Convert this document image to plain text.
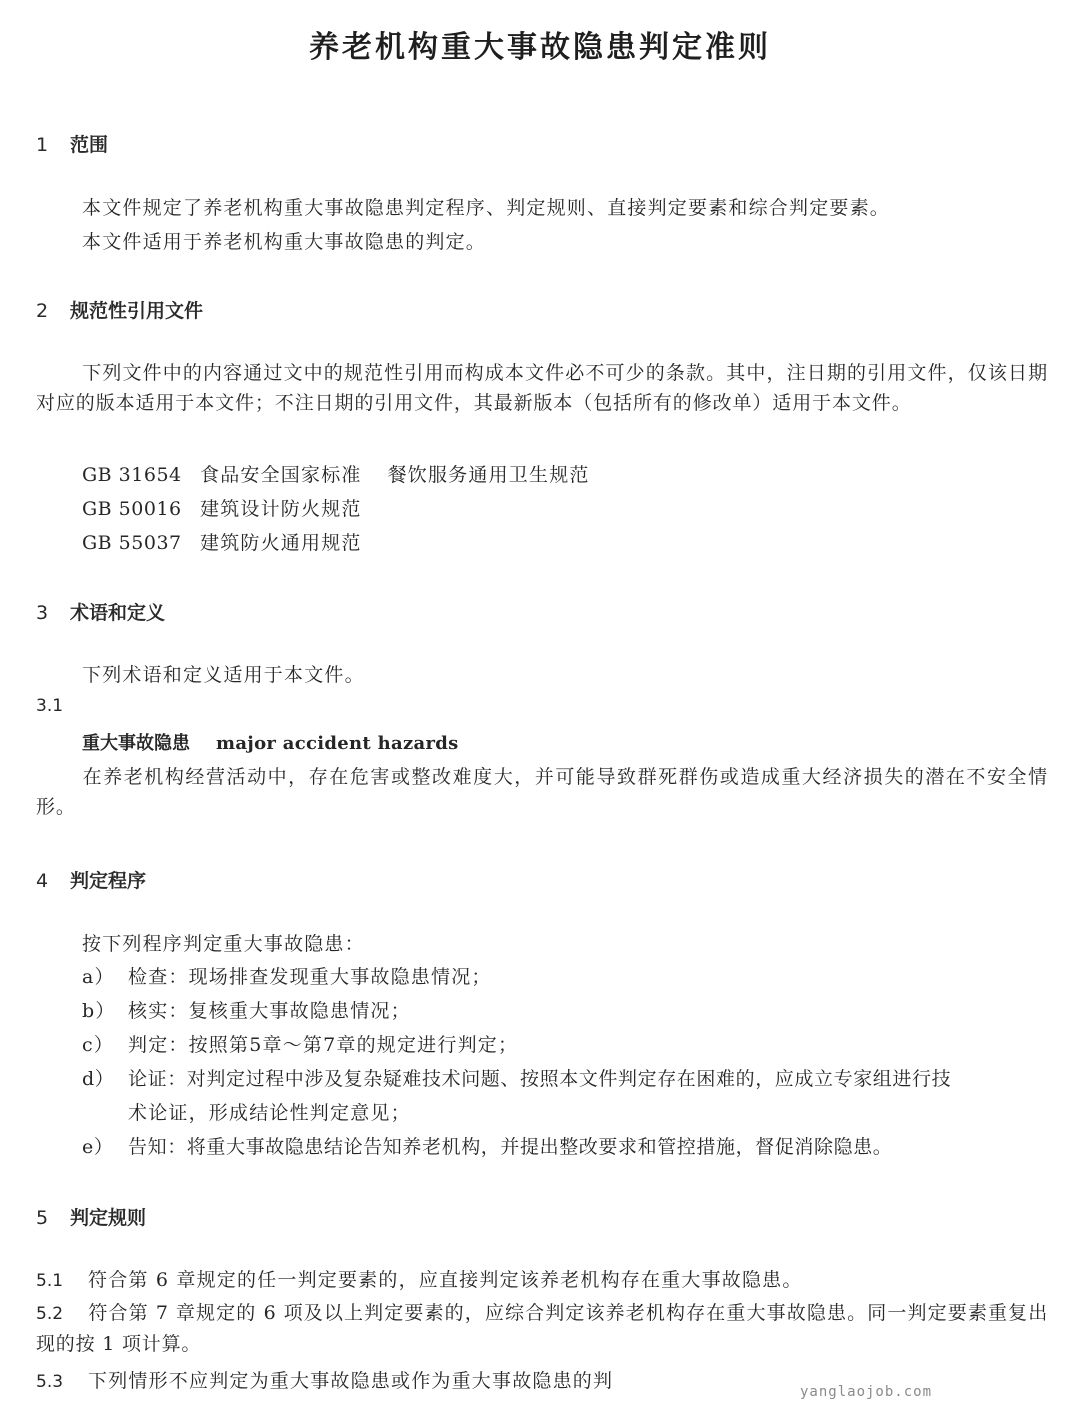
养老机构重大事故隐患判定准则
1 范围
本文件规定了养老机构重大事故隐患判定程序、判定规则、直接判定要素和综合判定要素。
本文件适用于养老机构重大事故隐患的判定。
2 规范性引用文件
下列文件中的内容通过文中的规范性引用而构成本文件必不可少的条款。其中，注日期的引用文件，仅该日期对应的版本适用于本文件；不注日期的引用文件，其最新版本（包括所有的修改单）适用于本文件。
GB 31654 食品安全国家标准 餐饮服务通用卫生规范
GB 50016 建筑设计防火规范
GB 55037 建筑防火通用规范
3 术语和定义
下列术语和定义适用于本文件。
3.1
重大事故隐患 major accident hazards
在养老机构经营活动中，存在危害或整改难度大，并可能导致群死群伤或造成重大经济损失的潜在不安全情形。
4 判定程序
按下列程序判定重大事故隐患：
a） 检查：现场排查发现重大事故隐患情况；
b） 核实：复核重大事故隐患情况；
c） 判定：按照第5章～第7章的规定进行判定；
d） 论证：对判定过程中涉及复杂疑难技术问题、按照本文件判定存在困难的，应成立专家组进行技
术论证，形成结论性判定意见；
e） 告知：将重大事故隐患结论告知养老机构，并提出整改要求和管控措施，督促消除隐患。
5 判定规则
5.1 符合第 6 章规定的任一判定要素的，应直接判定该养老机构存在重大事故隐患。
5.2 符合第 7 章规定的 6 项及以上判定要素的，应综合判定该养老机构存在重大事故隐患。同一判定要素重复出现的按 1 项计算。
5.3 下列情形不应判定为重大事故隐患或作为重大事故隐患的判	yanglaojob.com
